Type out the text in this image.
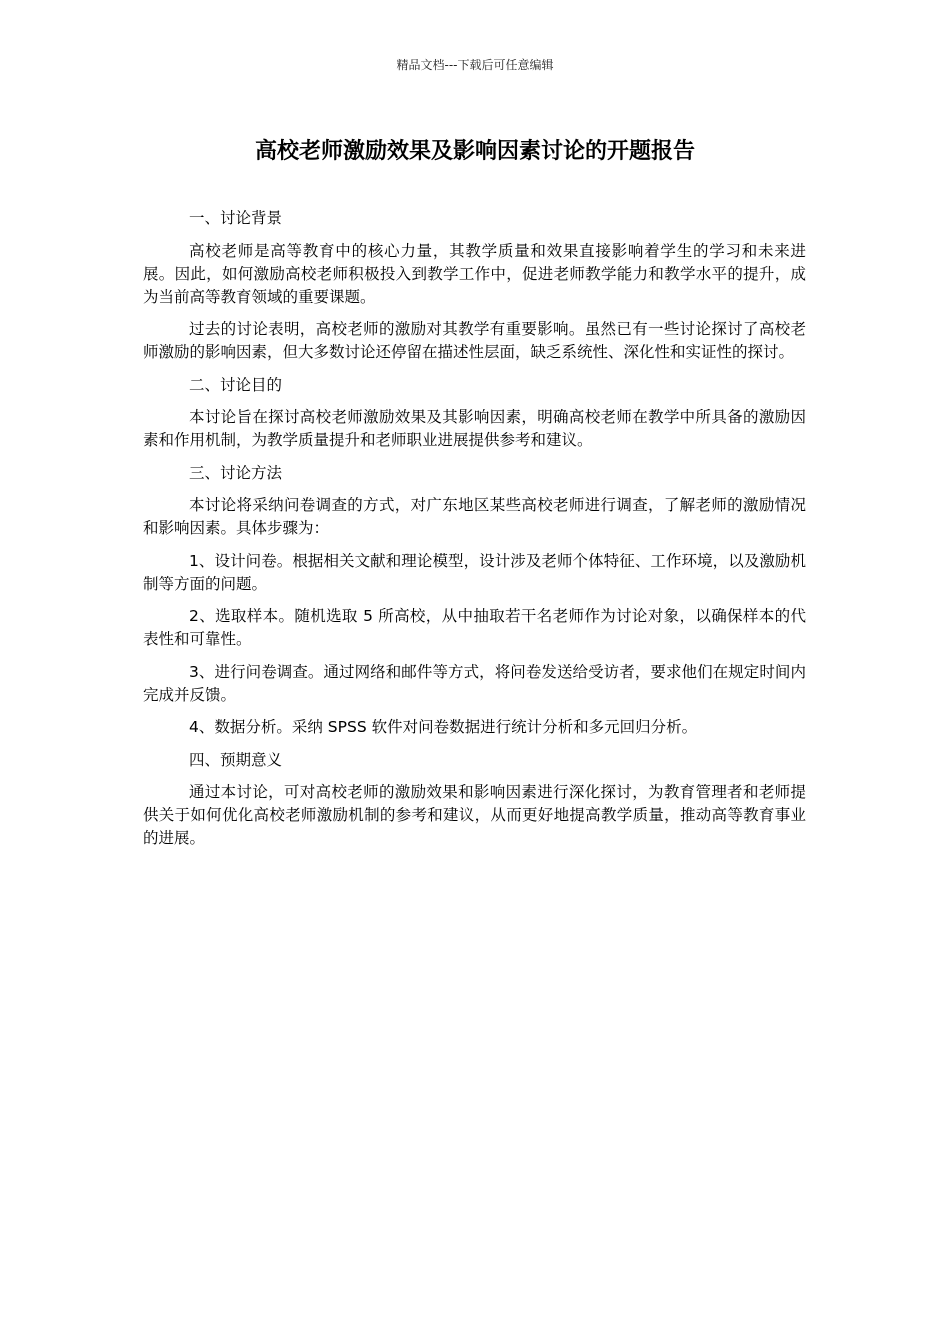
精品文档---下载后可任意编辑
高校老师激励效果及影响因素讨论的开题报告

一、讨论背景

高校老师是高等教育中的核心力量，其教学质量和效果直接影响着学生的学习和未来进展。因此，如何激励高校老师积极投入到教学工作中，促进老师教学能力和教学水平的提升，成为当前高等教育领域的重要课题。

过去的讨论表明，高校老师的激励对其教学有重要影响。虽然已有一些讨论探讨了高校老师激励的影响因素，但大多数讨论还停留在描述性层面，缺乏系统性、深化性和实证性的探讨。

二、讨论目的

本讨论旨在探讨高校老师激励效果及其影响因素，明确高校老师在教学中所具备的激励因素和作用机制，为教学质量提升和老师职业进展提供参考和建议。

三、讨论方法

本讨论将采纳问卷调查的方式，对广东地区某些高校老师进行调查，了解老师的激励情况和影响因素。具体步骤为：

1、设计问卷。根据相关文献和理论模型，设计涉及老师个体特征、工作环境，以及激励机制等方面的问题。

2、选取样本。随机选取 5 所高校，从中抽取若干名老师作为讨论对象，以确保样本的代表性和可靠性。

3、进行问卷调查。通过网络和邮件等方式，将问卷发送给受访者，要求他们在规定时间内完成并反馈。

4、数据分析。采纳 SPSS 软件对问卷数据进行统计分析和多元回归分析。

四、预期意义

通过本讨论，可对高校老师的激励效果和影响因素进行深化探讨，为教育管理者和老师提供关于如何优化高校老师激励机制的参考和建议，从而更好地提高教学质量，推动高等教育事业的进展。
